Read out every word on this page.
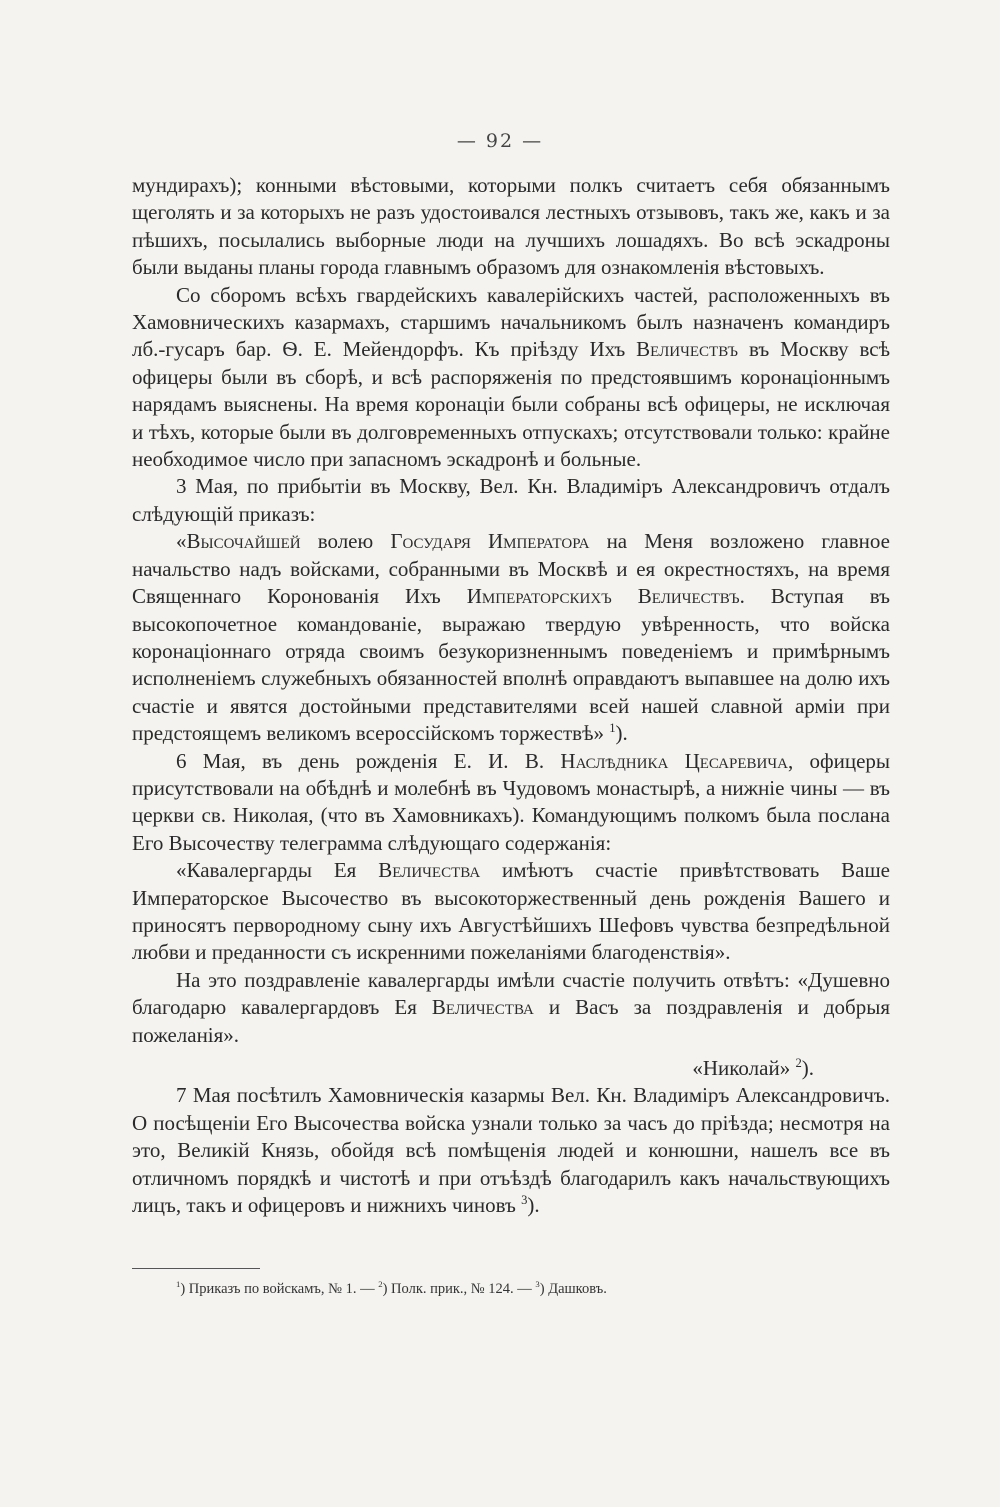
— 92 —

мундирахъ); конными вѣстовыми, которыми полкъ считаетъ себя обязаннымъ щеголять и за которыхъ не разъ удостоивался лестныхъ отзывовъ, такъ же, какъ и за пѣшихъ, посылались выборные люди на лучшихъ лошадяхъ. Во всѣ эскадроны были выданы планы города главнымъ образомъ для ознакомленія вѣстовыхъ.

Со сборомъ всѣхъ гвардейскихъ кавалерійскихъ частей, расположенныхъ въ Хамовническихъ казармахъ, старшимъ начальникомъ былъ назначенъ командиръ лб.-гусаръ бар. Ѳ. Е. Мейендорфъ. Къ пріѣзду Ихъ Величествъ въ Москву всѣ офицеры были въ сборѣ, и всѣ распоряженія по предстоявшимъ коронаціоннымъ нарядамъ выяснены. На время коронаціи были собраны всѣ офицеры, не исключая и тѣхъ, которые были въ долговременныхъ отпускахъ; отсутствовали только: крайне необходимое число при запасномъ эскадронѣ и больные.

3 Мая, по прибытіи въ Москву, Вел. Кн. Владиміръ Александровичъ отдалъ слѣдующій приказъ:

«Высочайшей волею Государя Императора на Меня возложено главное начальство надъ войсками, собранными въ Москвѣ и ея окрестностяхъ, на время Священнаго Коронованія Ихъ Императорскихъ Величествъ. Вступая въ высокопочетное командованіе, выражаю твердую увѣренность, что войска коронаціоннаго отряда своимъ безукоризненнымъ поведеніемъ и примѣрнымъ исполненіемъ служебныхъ обязанностей вполнѣ оправдаютъ выпавшее на долю ихъ счастіе и явятся достойными представителями всей нашей славной арміи при предстоящемъ великомъ всероссійскомъ торжествѣ» $^1$).

6 Мая, въ день рожденія Е. И. В. Наслѣдника Цесаревича, офицеры присутствовали на обѣднѣ и молебнѣ въ Чудовомъ монастырѣ, а нижніе чины — въ церкви св. Николая, (что въ Хамовникахъ). Командующимъ полкомъ была послана Его Высочеству телеграмма слѣдующаго содержанія:

«Кавалергарды Ея Величества имѣютъ счастіе привѣтствовать Ваше Императорское Высочество въ высокоторжественный день рожденія Вашего и приносятъ первородному сыну ихъ Августѣйшихъ Шефовъ чувства безпредѣльной любви и преданности съ искренними пожеланіями благоденствія».

На это поздравленіе кавалергарды имѣли счастіе получить отвѣтъ: «Душевно благодарю кавалергардовъ Ея Величества и Васъ за поздравленія и добрыя пожеланія».

«Николай» $^2$).

7 Мая посѣтилъ Хамовническія казармы Вел. Кн. Владиміръ Александровичъ. О посѣщеніи Его Высочества войска узнали только за часъ до пріѣзда; несмотря на это, Великій Князь, обойдя всѣ помѣщенія людей и конюшни, нашелъ все въ отличномъ порядкѣ и чистотѣ и при отъѣздѣ благодарилъ какъ начальствующихъ лицъ, такъ и офицеровъ и нижнихъ чиновъ $^3$).

$^1$) Приказъ по войскамъ, № 1. — $^2$) Полк. прик., № 124. — $^3$) Дашковъ.
